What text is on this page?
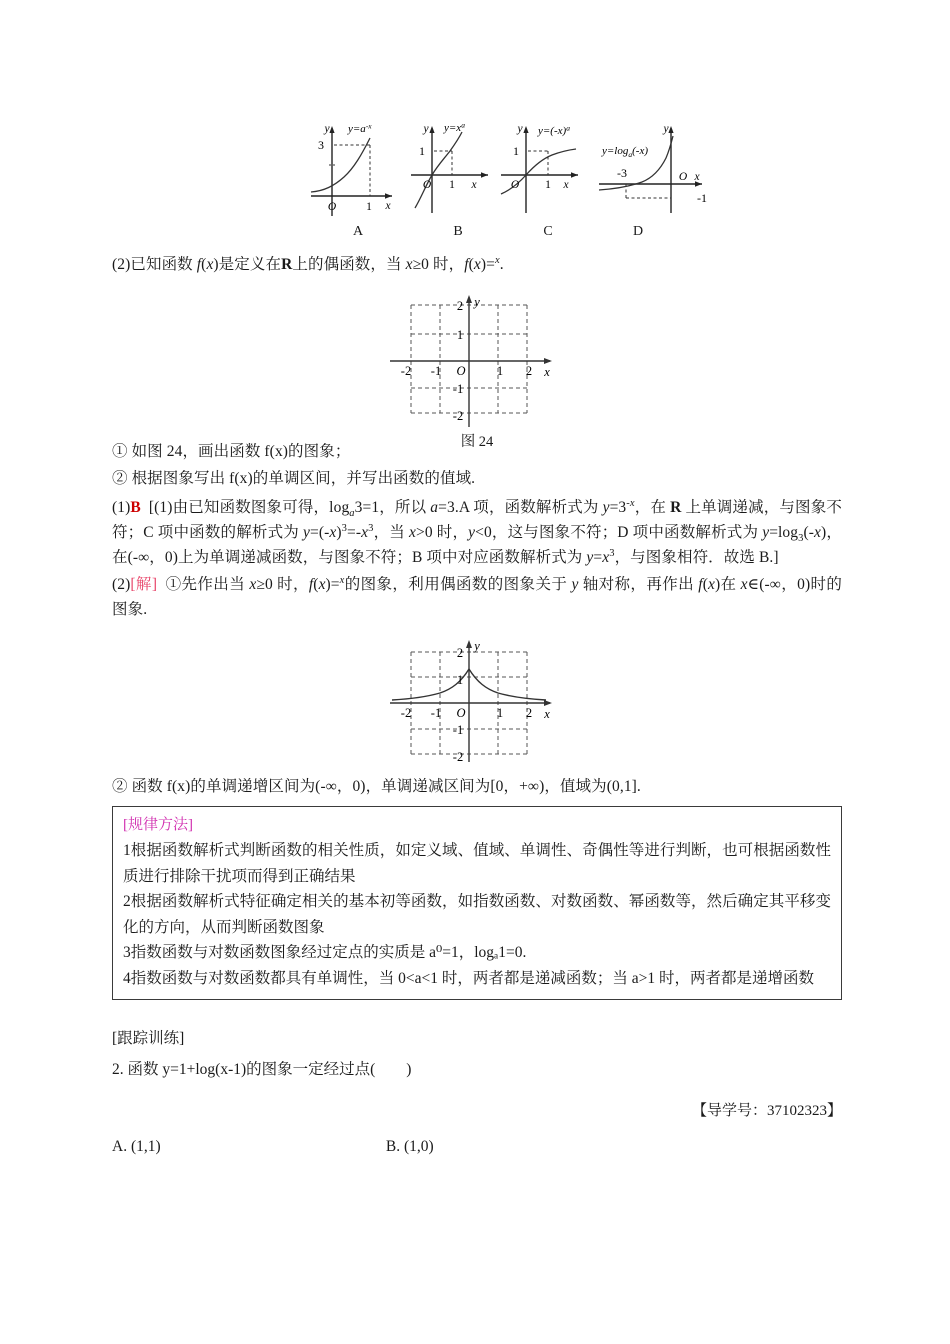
3
O	1 x
y $y=a^{-x}$
A
1
O 1 x
y $y=x^a$
B
1
O 1 x
y $y=(-x)^a$
C
-3	O
-1
x
y
$y=\log_a(-x)$
D
(2)已知函数 f(x)是定义在R上的偶函数，当 x≥0 时，f(x)=$^x$.
-2 -1	1 2
O
2
1
-1
-2
x
y
图 24
① 如图 24，画出函数 f(x)的图象；
② 根据图象写出 f(x)的单调区间，并写出函数的值域.
(1)B  [(1)由已知函数图象可得，$\log_a3=1$，所以 a=3.A 项，函数解析式为 $y=3^{-x}$，在 R 上单调递减，与图象不符；C 项中函数的解析式为 $y=(-x)^3=-x^3$，当 x>0 时，y<0，这与图象不符；D 项中函数解析式为 $y=\log_3(-x)$，在(-∞，0)上为单调递减函数，与图象不符；B 项中对应函数解析式为 $y=x^3$，与图象相符．故选 B.]
(2)[解]  ①先作出当 x≥0 时，f(x)=$^x$的图象，利用偶函数的图象关于 y 轴对称，再作出 f(x)在 x∈(-∞，0)时的图象.
-2 -1	1 2
O
2
1
-1
-2
x
y
② 函数 f(x)的单调递增区间为(-∞，0)，单调递减区间为[0，+∞)，值域为(0,1].
[规律方法]
1根据函数解析式判断函数的相关性质，如定义域、值域、单调性、奇偶性等进行判断，也可根据函数性质进行排除干扰项而得到正确结果
2根据函数解析式特征确定相关的基本初等函数，如指数函数、对数函数、幂函数等，然后确定其平移变化的方向，从而判断函数图象
3指数函数与对数函数图象经过定点的实质是 a⁰=1，logₐ1=0.
4指数函数与对数函数都具有单调性，当 0<a<1 时，两者都是递减函数；当 a>1 时，两者都是递增函数
[跟踪训练]
2. 函数 y=1+log(x-1)的图象一定经过点(　　)
【导学号：37102323】
A. (1,1)	B. (1,0)
